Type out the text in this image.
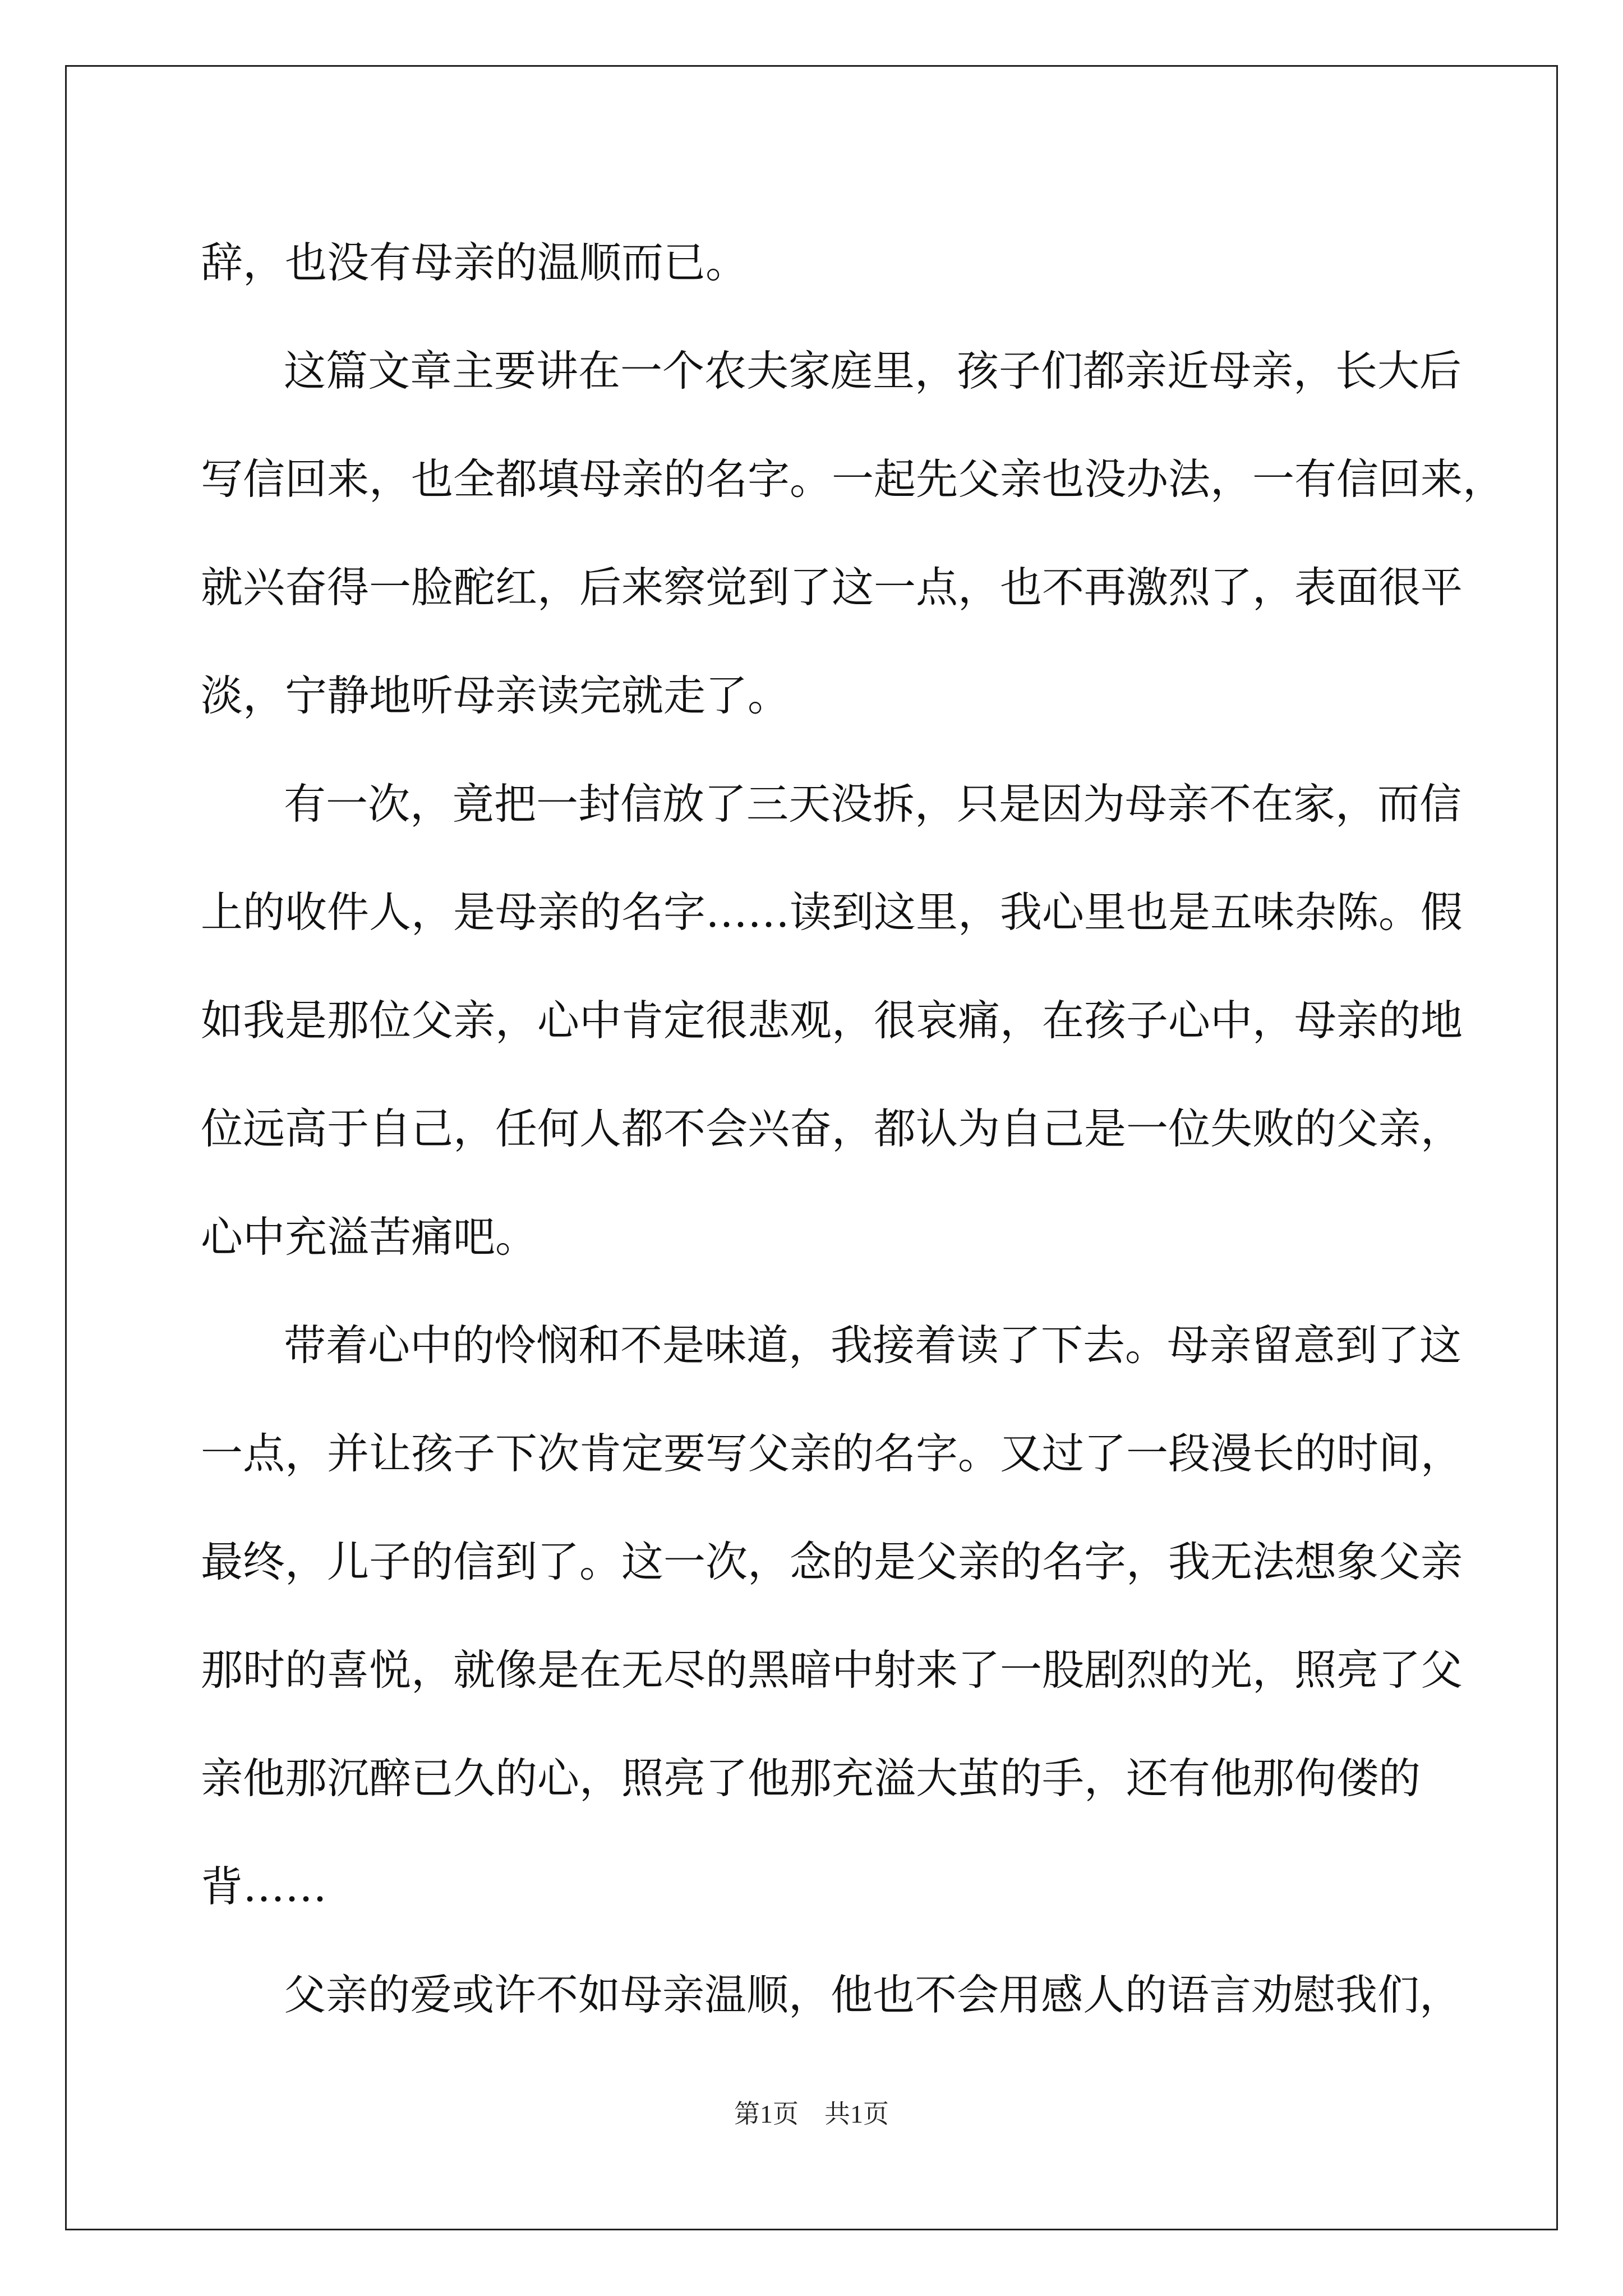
辞，也没有母亲的温顺而已。
这篇文章主要讲在一个农夫家庭里，孩子们都亲近母亲，长大后
写信回来，也全都填母亲的名字。一起先父亲也没办法，一有信回来，
就兴奋得一脸酡红，后来察觉到了这一点，也不再激烈了，表面很平
淡，宁静地听母亲读完就走了。
有一次，竟把一封信放了三天没拆，只是因为母亲不在家，而信
上的收件人，是母亲的名字……读到这里，我心里也是五味杂陈。假
如我是那位父亲，心中肯定很悲观，很哀痛，在孩子心中，母亲的地
位远高于自己，任何人都不会兴奋，都认为自己是一位失败的父亲，
心中充溢苦痛吧。
带着心中的怜悯和不是味道，我接着读了下去。母亲留意到了这
一点，并让孩子下次肯定要写父亲的名字。又过了一段漫长的时间，
最终，儿子的信到了。这一次，念的是父亲的名字，我无法想象父亲
那时的喜悦，就像是在无尽的黑暗中射来了一股剧烈的光，照亮了父
亲他那沉醉已久的心，照亮了他那充溢大茧的手，还有他那佝偻的
背……
父亲的爱或许不如母亲温顺，他也不会用感人的语言劝慰我们，
第1页　共1页
